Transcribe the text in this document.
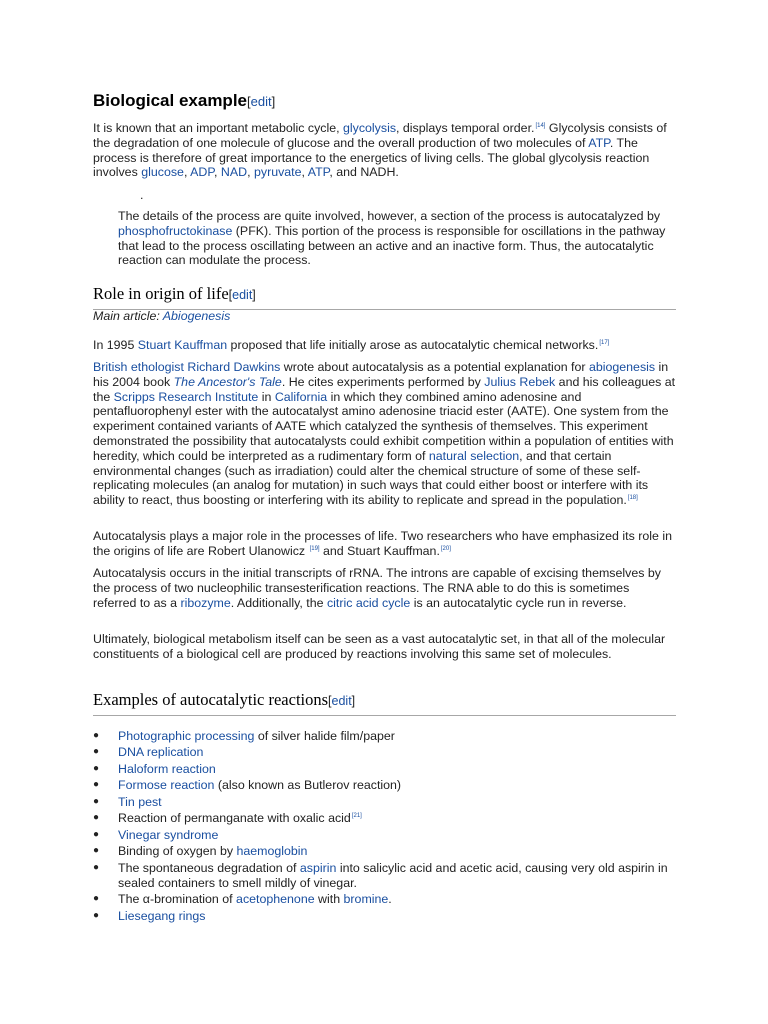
Biological example[edit]

It is known that an important metabolic cycle, glycolysis, displays temporal order.[14] Glycolysis consists of the degradation of one molecule of glucose and the overall production of two molecules of ATP. The process is therefore of great importance to the energetics of living cells. The global glycolysis reaction involves glucose, ADP, NAD, pyruvate, ATP, and NADH.

.

The details of the process are quite involved, however, a section of the process is autocatalyzed by phosphofructokinase (PFK). This portion of the process is responsible for oscillations in the pathway that lead to the process oscillating between an active and an inactive form. Thus, the autocatalytic reaction can modulate the process.

Role in origin of life[edit]

Main article: Abiogenesis

In 1995 Stuart Kauffman proposed that life initially arose as autocatalytic chemical networks.[17]

British ethologist Richard Dawkins wrote about autocatalysis as a potential explanation for abiogenesis in his 2004 book The Ancestor's Tale. He cites experiments performed by Julius Rebek and his colleagues at the Scripps Research Institute in California in which they combined amino adenosine and pentafluorophenyl ester with the autocatalyst amino adenosine triacid ester (AATE). One system from the experiment contained variants of AATE which catalyzed the synthesis of themselves. This experiment demonstrated the possibility that autocatalysts could exhibit competition within a population of entities with heredity, which could be interpreted as a rudimentary form of natural selection, and that certain environmental changes (such as irradiation) could alter the chemical structure of some of these self-replicating molecules (an analog for mutation) in such ways that could either boost or interfere with its ability to react, thus boosting or interfering with its ability to replicate and spread in the population.[18]

Autocatalysis plays a major role in the processes of life. Two researchers who have emphasized its role in the origins of life are Robert Ulanowicz [19] and Stuart Kauffman.[20]

Autocatalysis occurs in the initial transcripts of rRNA. The introns are capable of excising themselves by the process of two nucleophilic transesterification reactions. The RNA able to do this is sometimes referred to as a ribozyme. Additionally, the citric acid cycle is an autocatalytic cycle run in reverse.

Ultimately, biological metabolism itself can be seen as a vast autocatalytic set, in that all of the molecular constituents of a biological cell are produced by reactions involving this same set of molecules.

Examples of autocatalytic reactions[edit]
● Photographic processing of silver halide film/paper
● DNA replication
● Haloform reaction
● Formose reaction (also known as Butlerov reaction)
● Tin pest
● Reaction of permanganate with oxalic acid[21]
● Vinegar syndrome
● Binding of oxygen by haemoglobin
● The spontaneous degradation of aspirin into salicylic acid and acetic acid, causing very old aspirin in sealed containers to smell mildly of vinegar.
● The α-bromination of acetophenone with bromine.
● Liesegang rings
